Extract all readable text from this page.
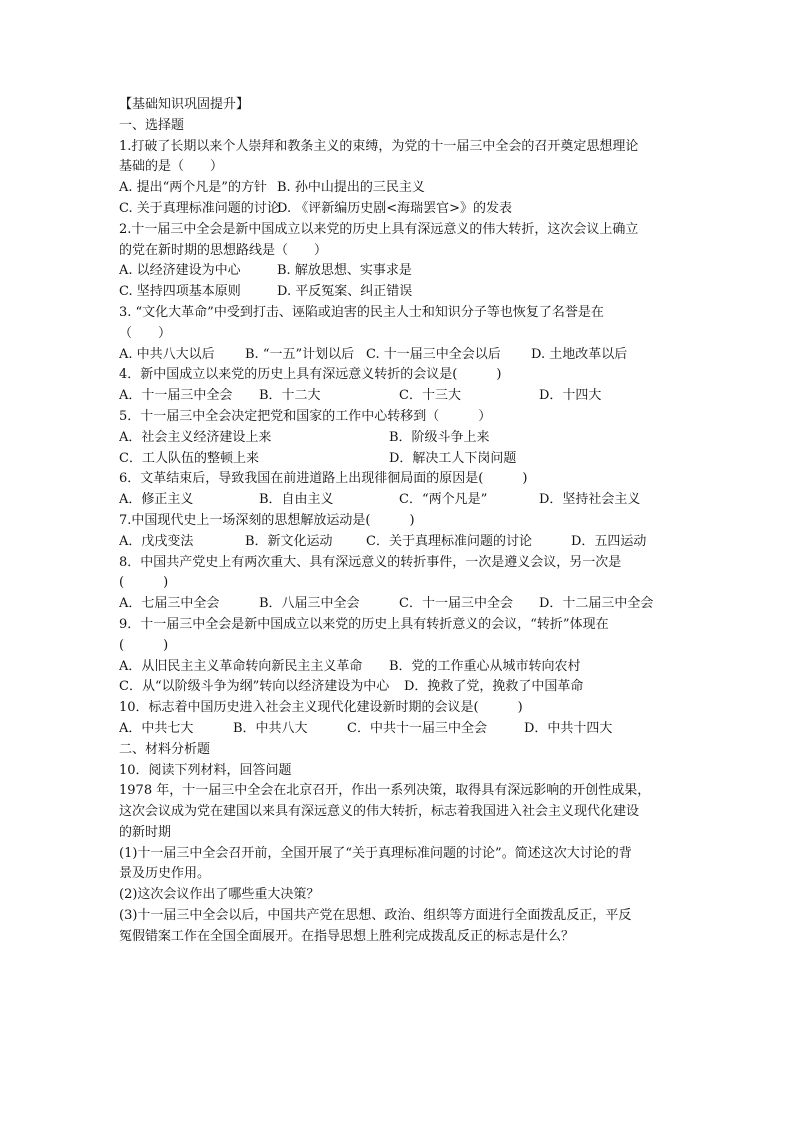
【基础知识巩固提升】
一、选择题
1.打破了长期以来个人崇拜和教条主义的束缚，为党的十一届三中全会的召开奠定思想理论
基础的是（　　）
A. 提出“两个凡是”的方针 B. 孙中山提出的三民主义
C. 关于真理标准问题的讨论
D. 《评新编历史剧<海瑞罢官>》的发表
2.十一届三中全会是新中国成立以来党的历史上具有深远意义的伟大转折，这次会议上确立
的党在新时期的思想路线是（　　）
A. 以经济建设为中心	B. 解放思想、实事求是
C. 坚持四项基本原则	D. 平反冤案、纠正错误
3. “文化大革命”中受到打击、诬陷或迫害的民主人士和知识分子等也恢复了名誉是在
（　　）
A. 中共八大以后	B. “一五”计划以后 C. 十一届三中全会以后	D. 土地改革以后
4．新中国成立以来党的历史上具有深远意义转折的会议是(　　　)
A．十一届三中全会	B．十二大	C．十三大	D．十四大
5．十一届三中全会决定把党和国家的工作中心转移到（　　　）
A．社会主义经济建设上来	B．阶级斗争上来
C．工人队伍的整顿上来	D．解决工人下岗问题
6．文革结束后，导致我国在前进道路上出现徘徊局面的原因是(　　　)
A．修正主义	B．自由主义	C．“两个凡是”	D．坚持社会主义
7.中国现代史上一场深刻的思想解放运动是(　　　)
A．戊戌变法	B．新文化运动	C．关于真理标准问题的讨论	D．五四运动
8．中国共产党史上有两次重大、具有深远意义的转折事件，一次是遵义会议，另一次是
(　　　)
A．七届三中全会	B．八届三中全会	C．十一届三中全会	D．十二届三中全会
9．十一届三中全会是新中国成立以来党的历史上具有转折意义的会议，“转折”体现在
(　　　)
A．从旧民主主义革命转向新民主主义革命	B．党的工作重心从城市转向农村
C．从“以阶级斗争为纲”转向以经济建设为中心	D．挽救了党，挽救了中国革命
10．标志着中国历史进入社会主义现代化建设新时期的会议是(　　　)
A．中共七大	B．中共八大	C．中共十一届三中全会	D．中共十四大
二、材料分析题
10．阅读下列材料，回答问题
1978 年，十一届三中全会在北京召开，作出一系列决策，取得具有深远影响的开创性成果，
这次会议成为党在建国以来具有深远意义的伟大转折，标志着我国进入社会主义现代化建设
的新时期
(1)十一届三中全会召开前，全国开展了“关于真理标准问题的讨论”。简述这次大讨论的背
景及历史作用。
(2)这次会议作出了哪些重大决策？
(3)十一届三中全会以后，中国共产党在思想、政治、组织等方面进行全面拨乱反正，平反
冤假错案工作在全国全面展开。在指导思想上胜利完成拨乱反正的标志是什么？
